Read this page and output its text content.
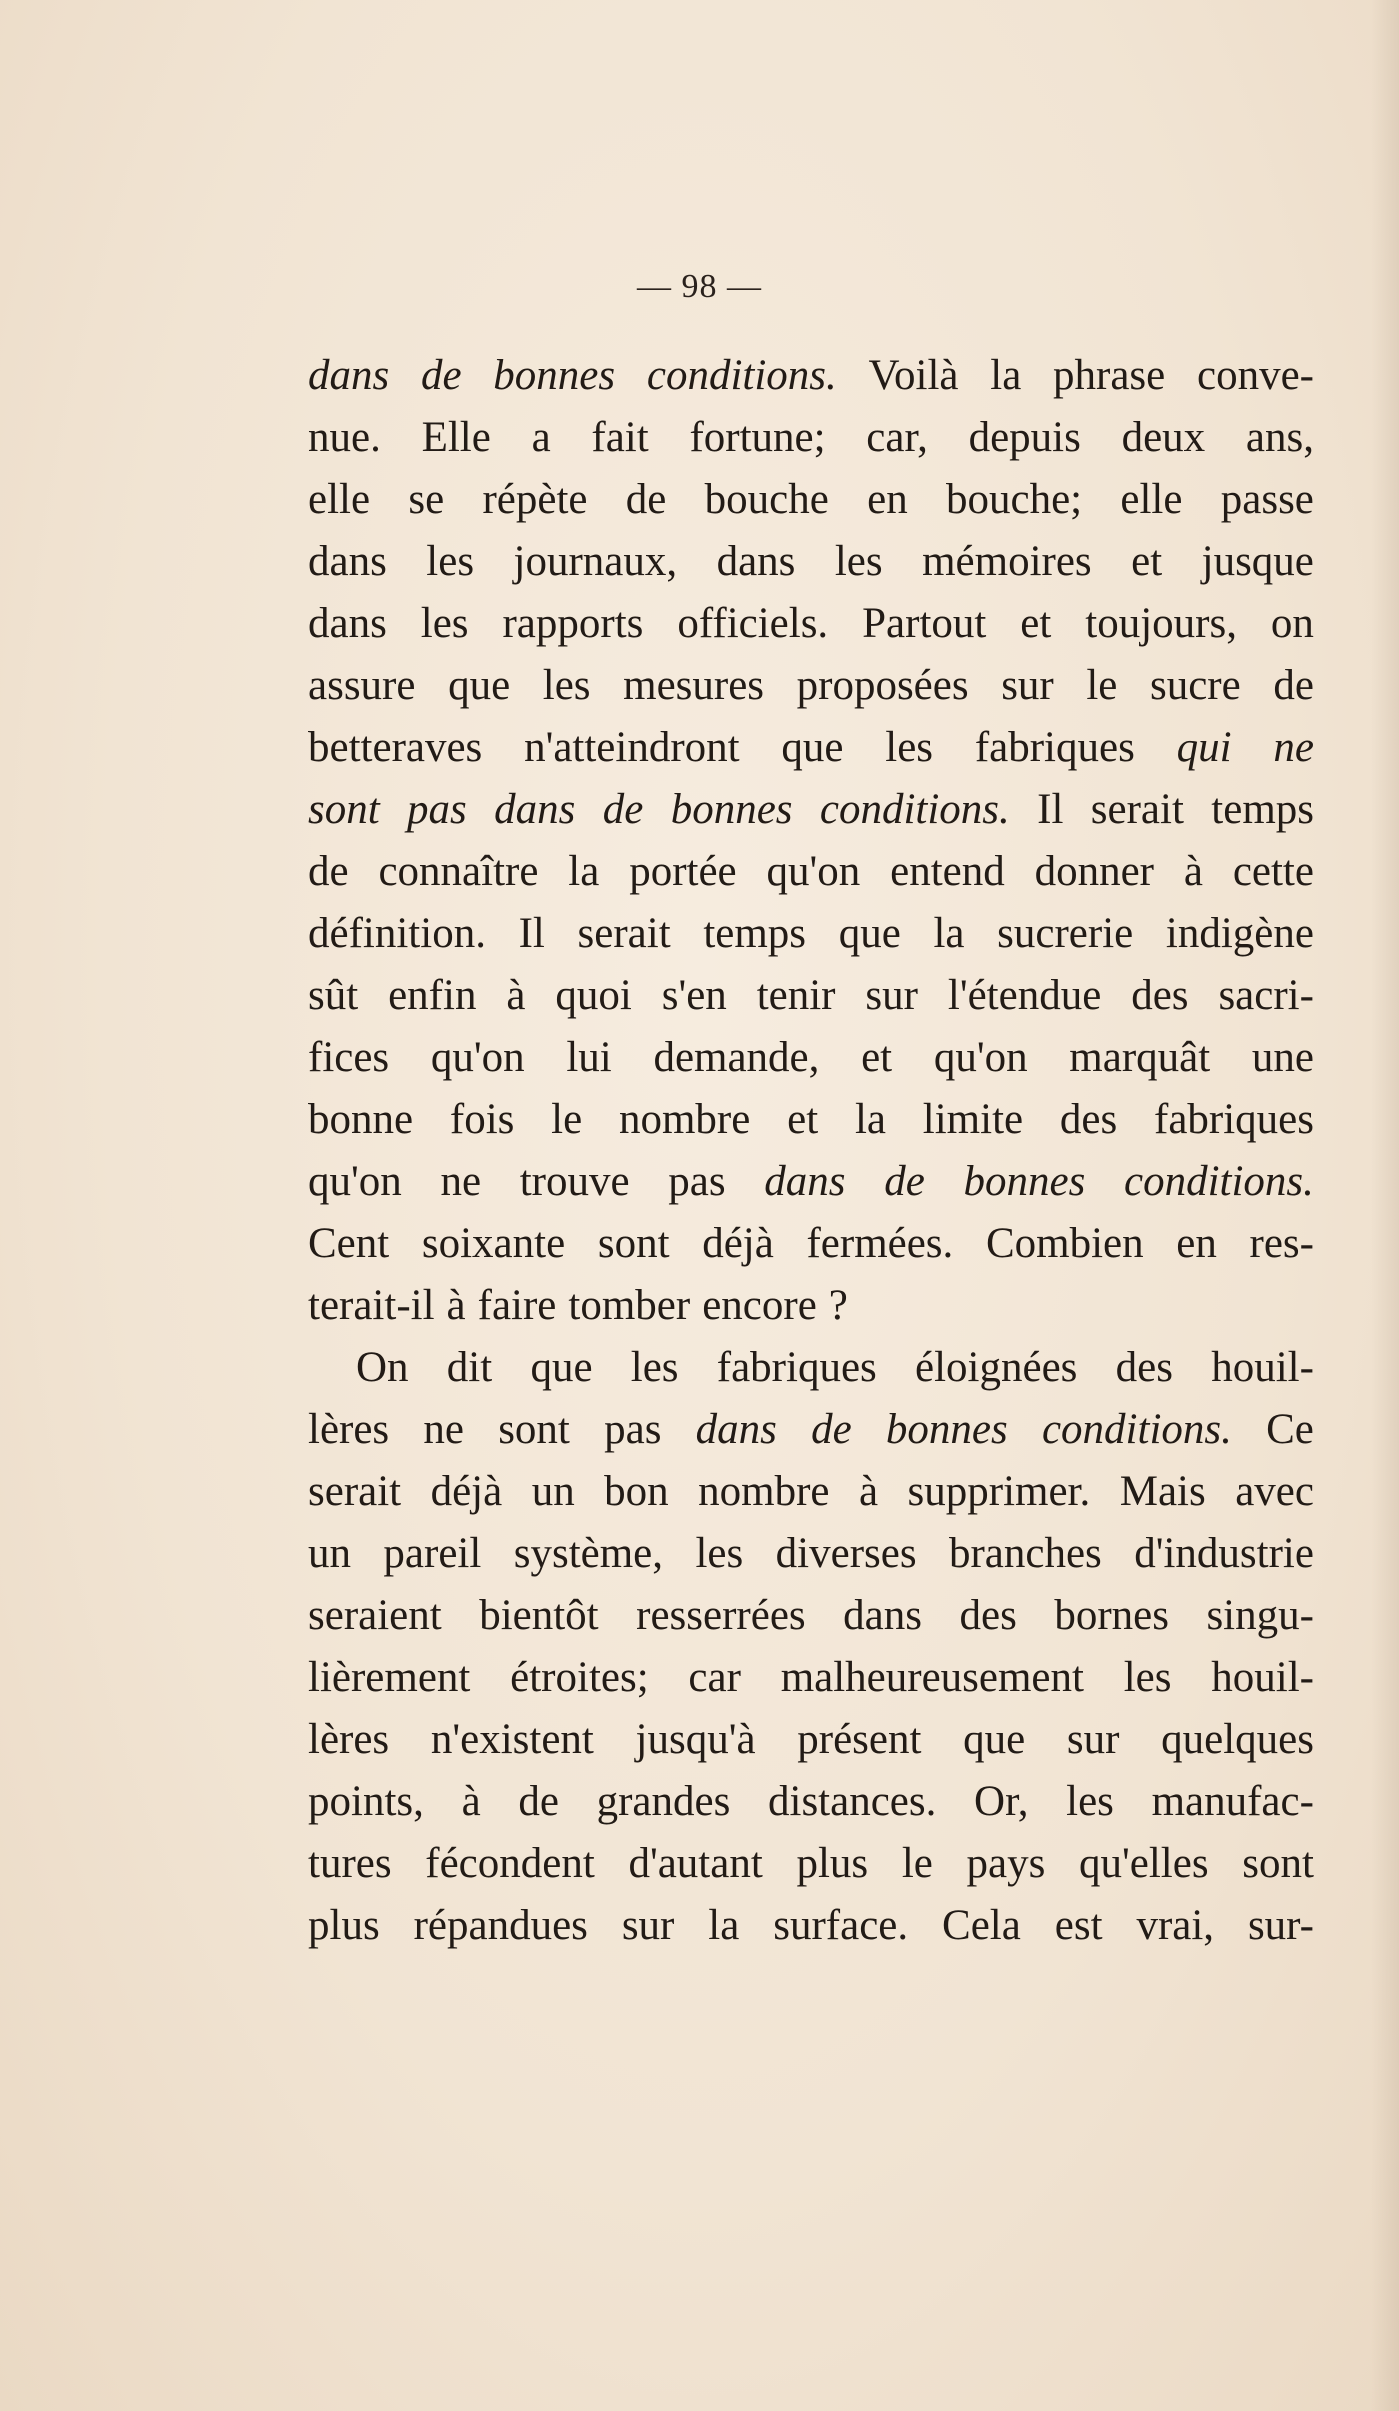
— 98 —
dans de bonnes conditions. Voilà la phrase conve-
nue. Elle a fait fortune; car, depuis deux ans,
elle se répète de bouche en bouche; elle passe
dans les journaux, dans les mémoires et jusque
dans les rapports officiels. Partout et toujours, on
assure que les mesures proposées sur le sucre de
betteraves n'atteindront que les fabriques qui ne
sont pas dans de bonnes conditions. Il serait temps
de connaître la portée qu'on entend donner à cette
définition. Il serait temps que la sucrerie indigène
sût enfin à quoi s'en tenir sur l'étendue des sacri-
fices qu'on lui demande, et qu'on marquât une
bonne fois le nombre et la limite des fabriques
qu'on ne trouve pas dans de bonnes conditions.
Cent soixante sont déjà fermées. Combien en res-
terait-il à faire tomber encore ?
On dit que les fabriques éloignées des houil-
lères ne sont pas dans de bonnes conditions. Ce
serait déjà un bon nombre à supprimer. Mais avec
un pareil système, les diverses branches d'industrie
seraient bientôt resserrées dans des bornes singu-
lièrement étroites; car malheureusement les houil-
lères n'existent jusqu'à présent que sur quelques
points, à de grandes distances. Or, les manufac-
tures fécondent d'autant plus le pays qu'elles sont
plus répandues sur la surface. Cela est vrai, sur-
